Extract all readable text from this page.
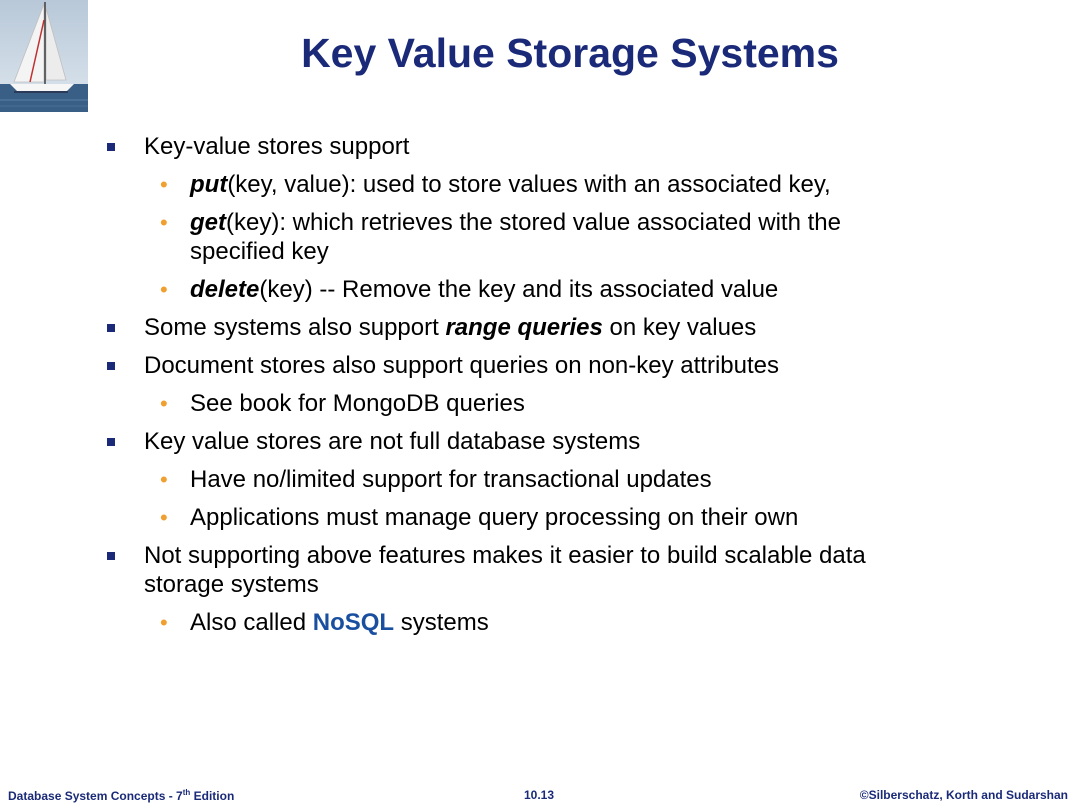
Key Value Storage Systems

Key-value stores support

• put(key, value): used to store values with an associated key,

• get(key): which retrieves the stored value associated with the specified key

• delete(key) -- Remove the key and its associated value

Some systems also support range queries on key values

Document stores also support queries on non-key attributes

• See book for MongoDB queries

Key value stores are not full database systems

• Have no/limited support for transactional updates

• Applications must manage query processing on their own

Not supporting above features makes it easier to build scalable data storage systems

• Also called NoSQL systems

Database System Concepts - 7th Edition	10.13	©Silberschatz, Korth and Sudarshan
